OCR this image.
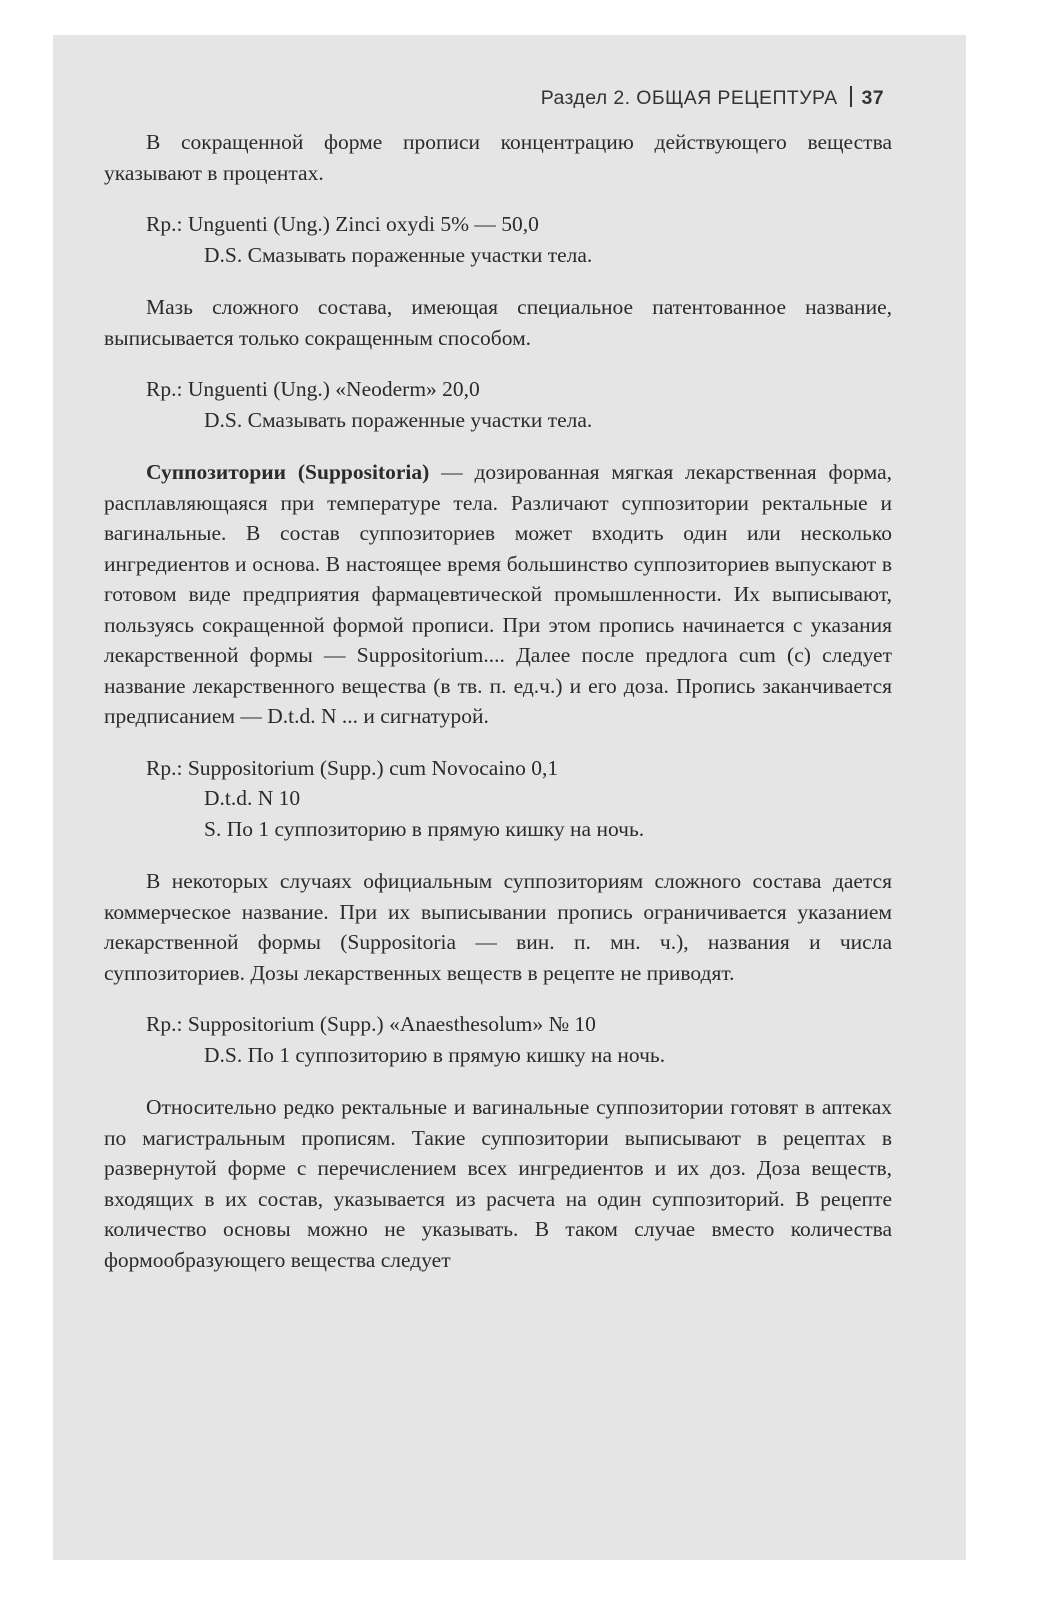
Раздел 2. ОБЩАЯ РЕЦЕПТУРА 37

В сокращенной форме прописи концентрацию действующего вещества указывают в процентах.

Rp.: Unguenti (Ung.) Zinci oxydi 5% — 50,0
D.S. Смазывать пораженные участки тела.

Мазь сложного состава, имеющая специальное патентованное название, выписывается только сокращенным способом.

Rp.: Unguenti (Ung.) «Neoderm» 20,0
D.S. Смазывать пораженные участки тела.

Суппозитории (Suppositoria) — дозированная мягкая лекарственная форма, расплавляющаяся при температуре тела. Различают суппозитории ректальные и вагинальные. В состав суппозиториев может входить один или несколько ингредиентов и основа. В настоящее время большинство суппозиториев выпускают в готовом виде предприятия фармацевтической промышленности. Их выписывают, пользуясь сокращенной формой прописи. При этом пропись начинается с указания лекарственной формы — Suppositorium.... Далее после предлога cum (с) следует название лекарственного вещества (в тв. п. ед.ч.) и его доза. Пропись заканчивается предписанием — D.t.d. N ... и сигнатурой.

Rp.: Suppositorium (Supp.) cum Novocaino 0,1
D.t.d. N 10
S. По 1 суппозиторию в прямую кишку на ночь.

В некоторых случаях официальным суппозиториям сложного состава дается коммерческое название. При их выписывании пропись ограничивается указанием лекарственной формы (Suppositoria — вин. п. мн. ч.), названия и числа суппозиториев. Дозы лекарственных веществ в рецепте не приводят.

Rp.: Suppositorium (Supp.) «Anaesthesolum» № 10
D.S. По 1 суппозиторию в прямую кишку на ночь.

Относительно редко ректальные и вагинальные суппозитории готовят в аптеках по магистральным прописям. Такие суппозитории выписывают в рецептах в развернутой форме с перечислением всех ингредиентов и их доз. Доза веществ, входящих в их состав, указывается из расчета на один суппозиторий. В рецепте количество основы можно не указывать. В таком случае вместо количества формообразующего вещества следует
